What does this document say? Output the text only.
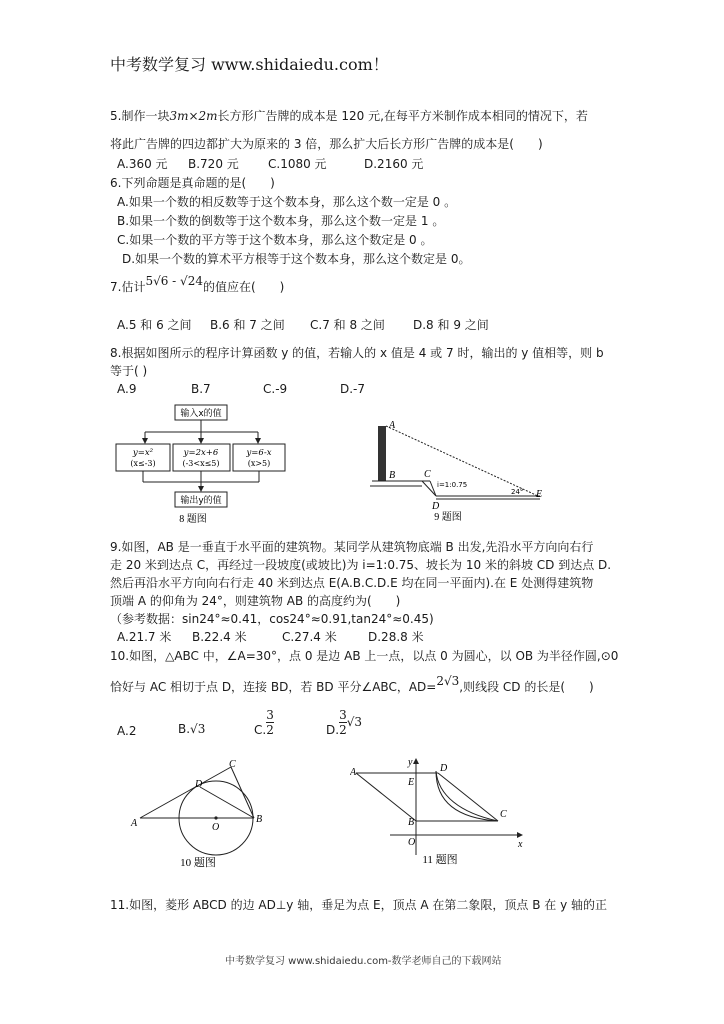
中考数学复习 www.shidaiedu.com！
5.制作一块3m×2m长方形广告牌的成本是 120 元,在每平方米制作成本相同的情况下，若
将此广告牌的四边都扩大为原来的 3 倍，那么扩大后长方形广告牌的成本是(　　)
A.360 元 B.720 元 C.1080 元	D.2160 元
6.下列命题是真命题的是(　　)
A.如果一个数的相反数等于这个数本身，那么这个数一定是 0 。
B.如果一个数的倒数等于这个数本身，那么这个数一定是 1 。
C.如果一个数的平方等于这个数本身，那么这个数定是 0 。
D.如果一个数的算术平方根等于这个数本身，那么这个数定是 0。
7.估计5√6 - √24的值应在(　　)
A.5 和 6 之间 B.6 和 7 之间 C.7 和 8 之间 D.8 和 9 之间
8.根据如图所示的程序计算函数 y 的值，若输人的 x 值是 4 或 7 时，输出的 y 值相等，则 b
等于( )
A.9	B.7	C.-9	D.-7
输入x的值
y=x²
(x≤-3)
y=2x+6
(-3<x≤5)
y=6-x
(x>5)
输出y的值
8 题图
A
B	C
D
E
i=1:0.75
24°
9 题图
9.如图，AB 是一垂直于水平面的建筑物。某同学从建筑物底端 B 出发,先沿水平方向向右行
走 20 米到达点 C，再经过一段坡度(或坡比)为 i=1:0.75、坡长为 10 米的斜坡 CD 到达点 D.
然后再沿水平方向向右行走 40 米到达点 E(A.B.C.D.E 均在同一平面内).在 E 处测得建筑物
顶端 A 的仰角为 24°，则建筑物 AB 的高度约为(　　)
（参考数据：sin24°≈0.41，cos24°≈0.91,tan24°≈0.45)
A.21.7 米 B.22.4 米	C.27.4 米	D.28.8 米
10.如图，△ABC 中，∠A=30°，点 0 是边 AB 上一点，以点 0 为圆心，以 OB 为半径作圆,⊙0
恰好与 AC 相切于点 D，连接 BD，若 BD 平分∠ABC，AD=2√3,则线段 CD 的长是(　　)
A.2	B.√3	C. $\frac{3}{2}$	D. $\frac{3}{2} √3$
A	B
C
D
O
10 题图
y
x
A	D
E
B
C
O
11 题图
11.如图，菱形 ABCD 的边 AD⊥y 轴，垂足为点 E，顶点 A 在第二象限，顶点 B 在 y 轴的正
中考数学复习 www.shidaiedu.com-数学老师自己的下载网站
